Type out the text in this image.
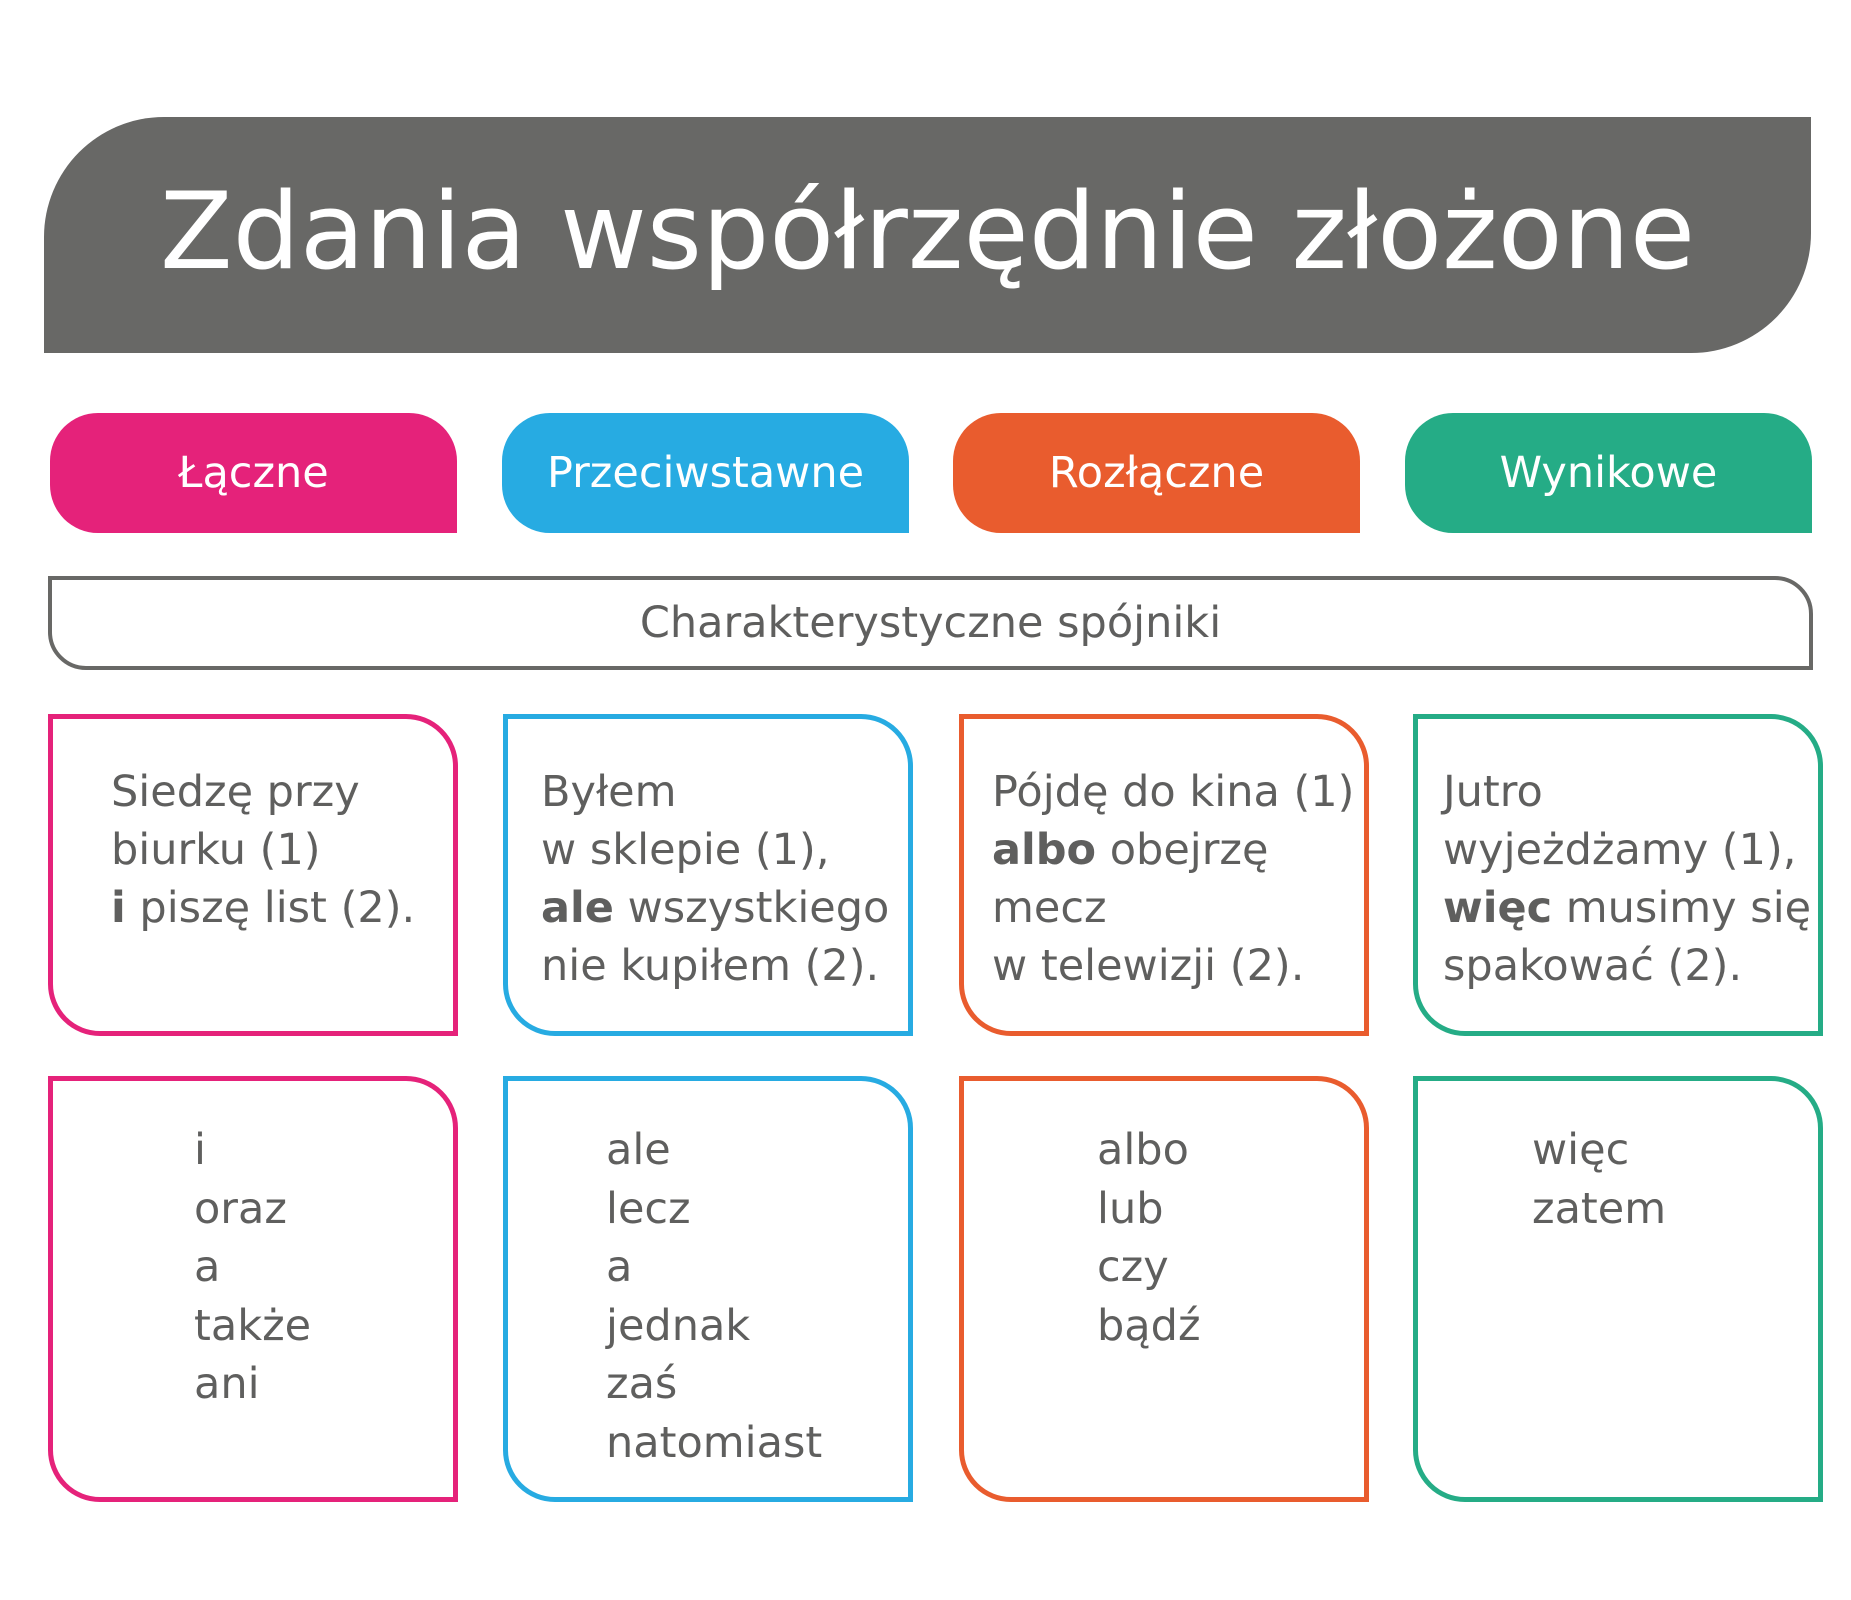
Zdania współrzędnie złożone
Łączne	Przeciwstawne	Rozłączne	Wynikowe
Charakterystyczne spójniki
Siedzę przy
biurku (1)
i piszę list (2).
Byłem
w sklepie (1),
ale wszystkiego
nie kupiłem (2).
Pójdę do kina (1)
albo obejrzę
mecz
w telewizji (2).
Jutro
wyjeżdżamy (1),
więc musimy się
spakować (2).
i
oraz
a
także
ani
ale
lecz
a
jednak
zaś
natomiast
albo
lub
czy
bądź
więc
zatem
